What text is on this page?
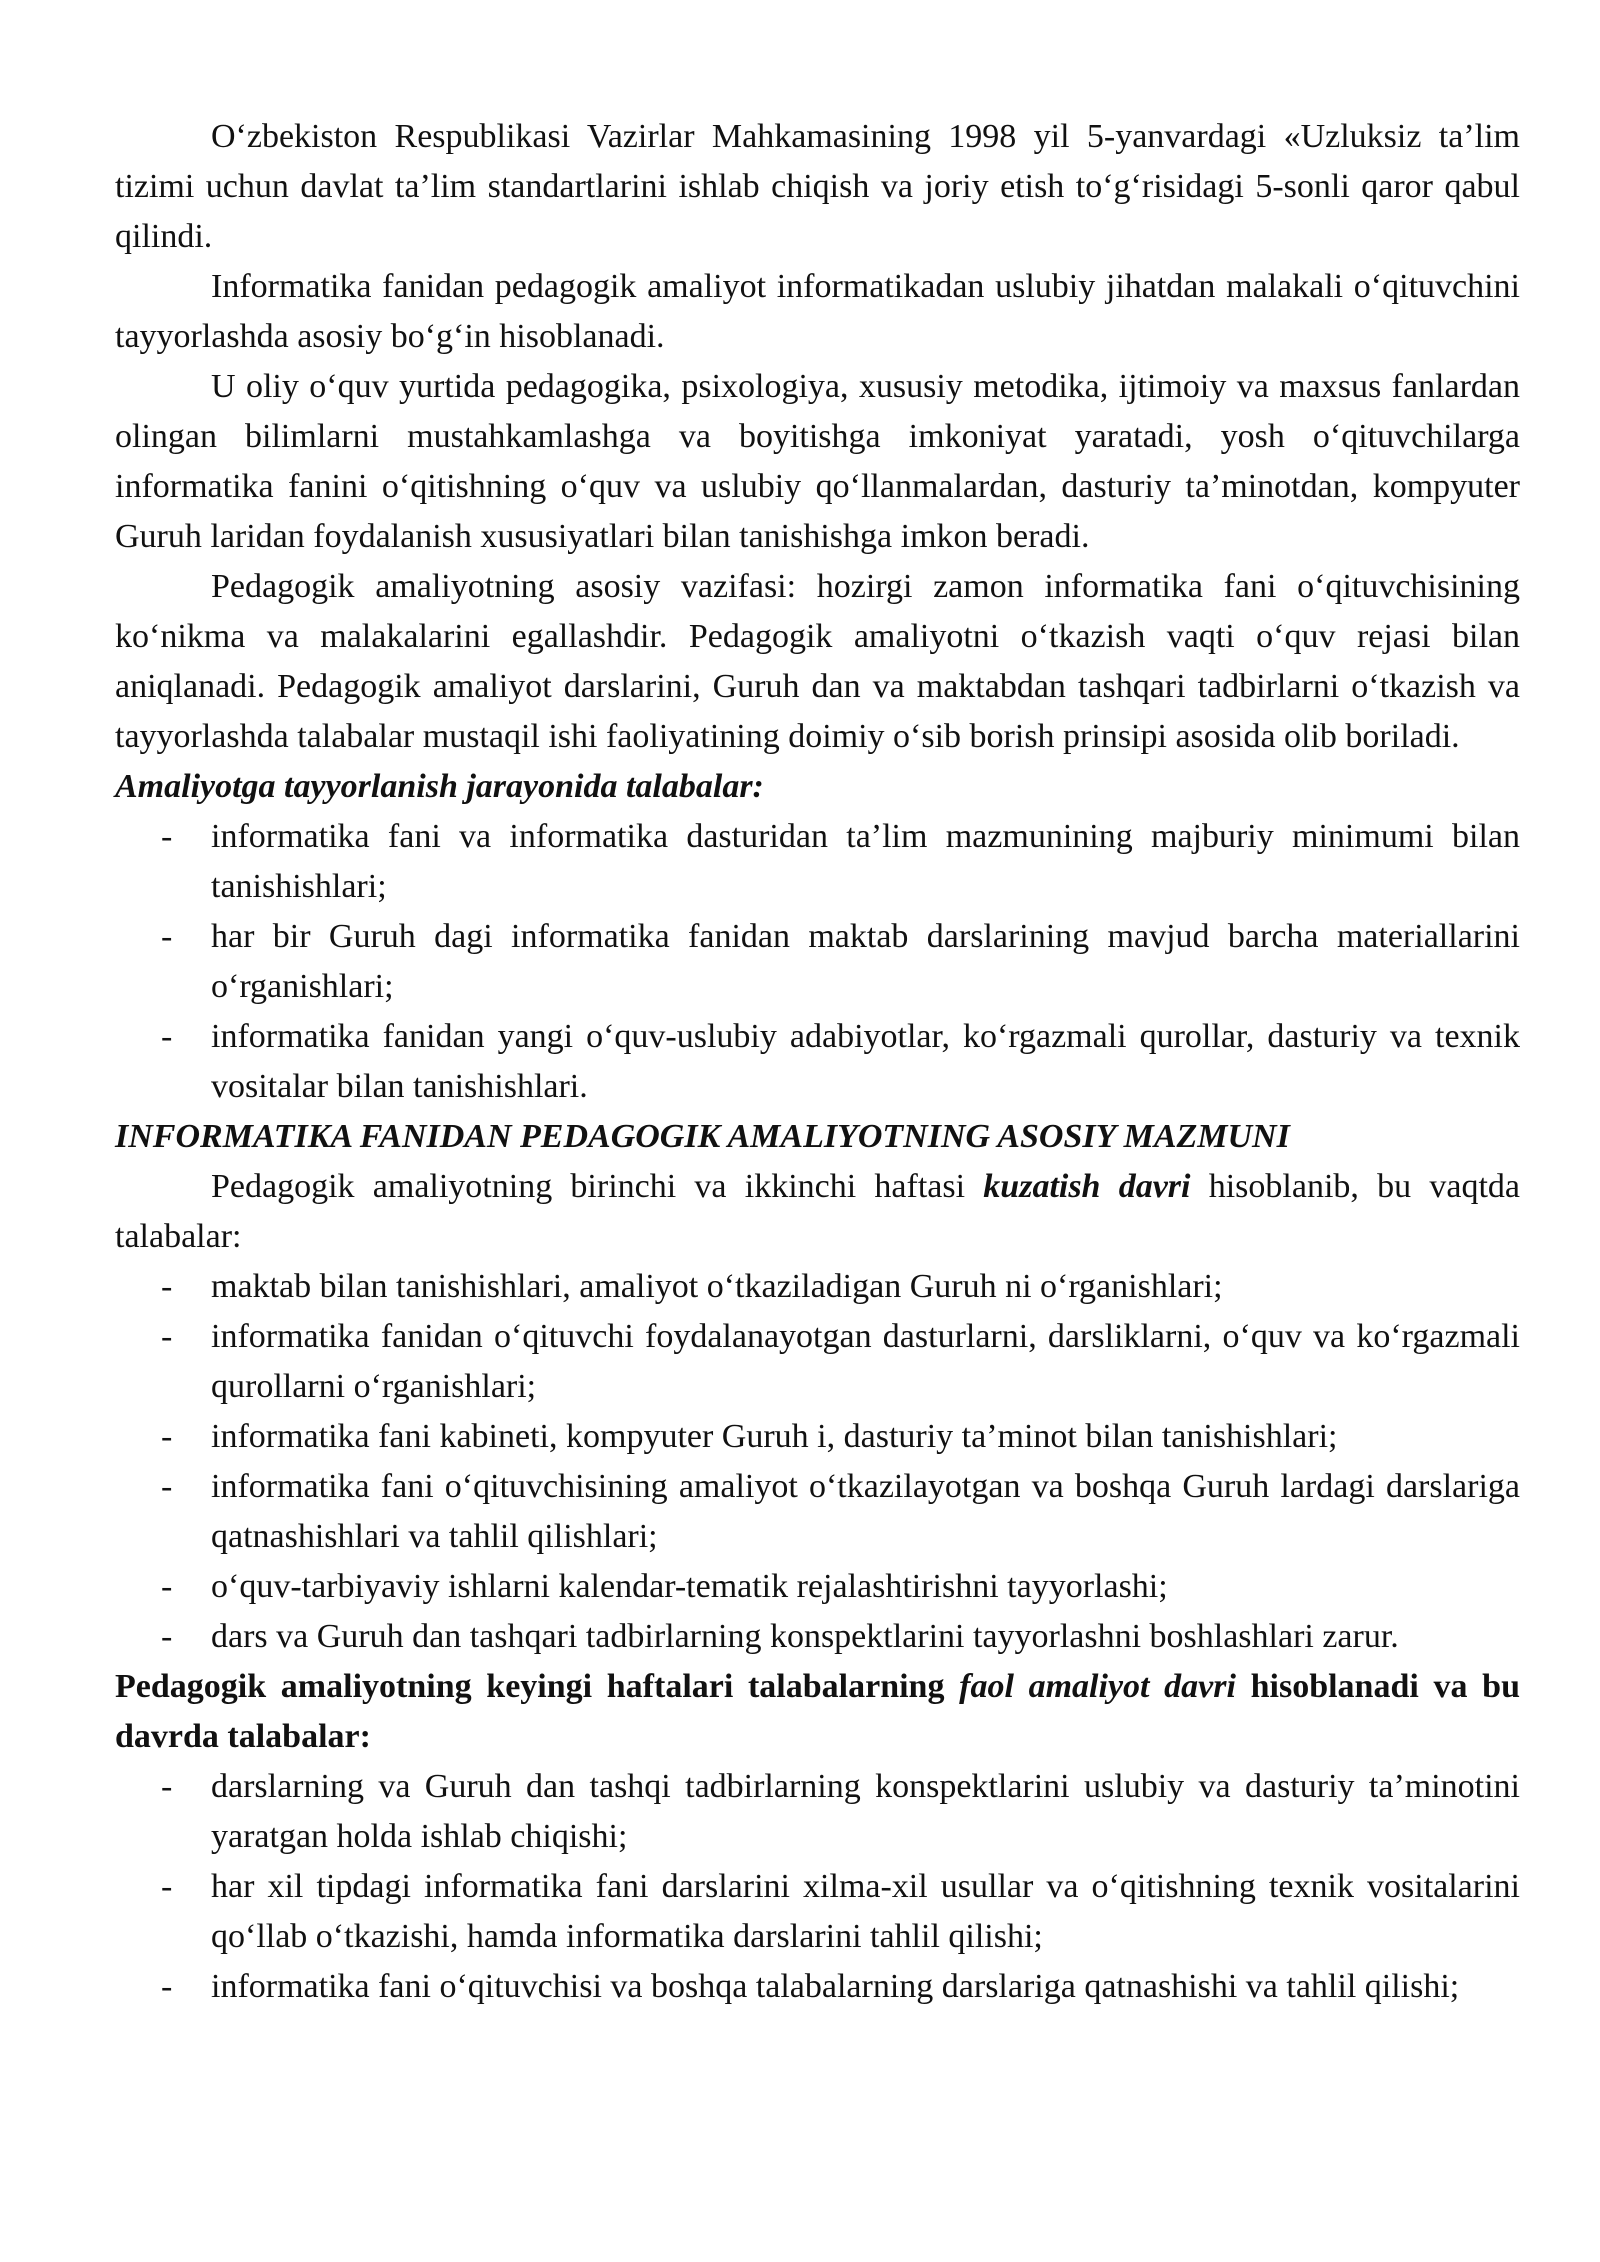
O‘zbekiston Respublikasi Vazirlar Mahkamasining 1998 yil 5-yanvardagi «Uzluksiz ta’lim tizimi uchun davlat ta’lim standartlarini ishlab chiqish va joriy etish to‘g‘risidagi 5-sonli qaror qabul qilindi.

Informatika fanidan pedagogik amaliyot informatikadan uslubiy jihatdan malakali o‘qituvchini tayyorlashda asosiy bo‘g‘in hisoblanadi.

U oliy o‘quv yurtida pedagogika, psixologiya, xususiy metodika, ijtimoiy va maxsus fanlardan olingan bilimlarni mustahkamlashga va boyitishga imkoniyat yaratadi, yosh o‘qituvchilarga informatika fanini o‘qitishning o‘quv va uslubiy qo‘llanmalardan, dasturiy ta’minotdan, kompyuter Guruh laridan foydalanish xususiyatlari bilan tanishishga imkon beradi.

Pedagogik amaliyotning asosiy vazifasi: hozirgi zamon informatika fani o‘qituvchisining ko‘nikma va malakalarini egallashdir. Pedagogik amaliyotni o‘tkazish vaqti o‘quv rejasi bilan aniqlanadi. Pedagogik amaliyot darslarini, Guruh dan va maktabdan tashqari tadbirlarni o‘tkazish va tayyorlashda talabalar mustaqil ishi faoliyatining doimiy o‘sib borish prinsipi asosida olib boriladi.

Amaliyotga tayyorlanish jarayonida talabalar:
- informatika fani va informatika dasturidan ta’lim mazmunining majburiy minimumi bilan tanishishlari;
- har bir Guruh dagi informatika fanidan maktab darslarining mavjud barcha materiallarini o‘rganishlari;
- informatika fanidan yangi o‘quv-uslubiy adabiyotlar, ko‘rgazmali qurollar, dasturiy va texnik vositalar bilan tanishishlari.
INFORMATIKA FANIDAN PEDAGOGIK AMALIYOTNING ASOSIY MAZMUNI

Pedagogik amaliyotning birinchi va ikkinchi haftasi kuzatish davri hisoblanib, bu vaqtda talabalar:

- maktab bilan tanishishlari, amaliyot o‘tkaziladigan Guruh ni o‘rganishlari;
- informatika fanidan o‘qituvchi foydalanayotgan dasturlarni, darsliklarni, o‘quv va ko‘rgazmali qurollarni o‘rganishlari;
- informatika fani kabineti, kompyuter Guruh i, dasturiy ta’minot bilan tanishishlari;
- informatika fani o‘qituvchisining amaliyot o‘tkazilayotgan va boshqa Guruh lardagi darslariga qatnashishlari va tahlil qilishlari;
- o‘quv-tarbiyaviy ishlarni kalendar-tematik rejalashtirishni tayyorlashi;
- dars va Guruh dan tashqari tadbirlarning konspektlarini tayyorlashni boshlashlari zarur.
Pedagogik amaliyotning keyingi haftalari talabalarning faol amaliyot davri hisoblanadi va bu davrda talabalar:
- darslarning va Guruh dan tashqi tadbirlarning konspektlarini uslubiy va dasturiy ta’minotini yaratgan holda ishlab chiqishi;
- har xil tipdagi informatika fani darslarini xilma-xil usullar va o‘qitishning texnik vositalarini qo‘llab o‘tkazishi, hamda informatika darslarini tahlil qilishi;
- informatika fani o‘qituvchisi va boshqa talabalarning darslariga qatnashishi va tahlil qilishi;
